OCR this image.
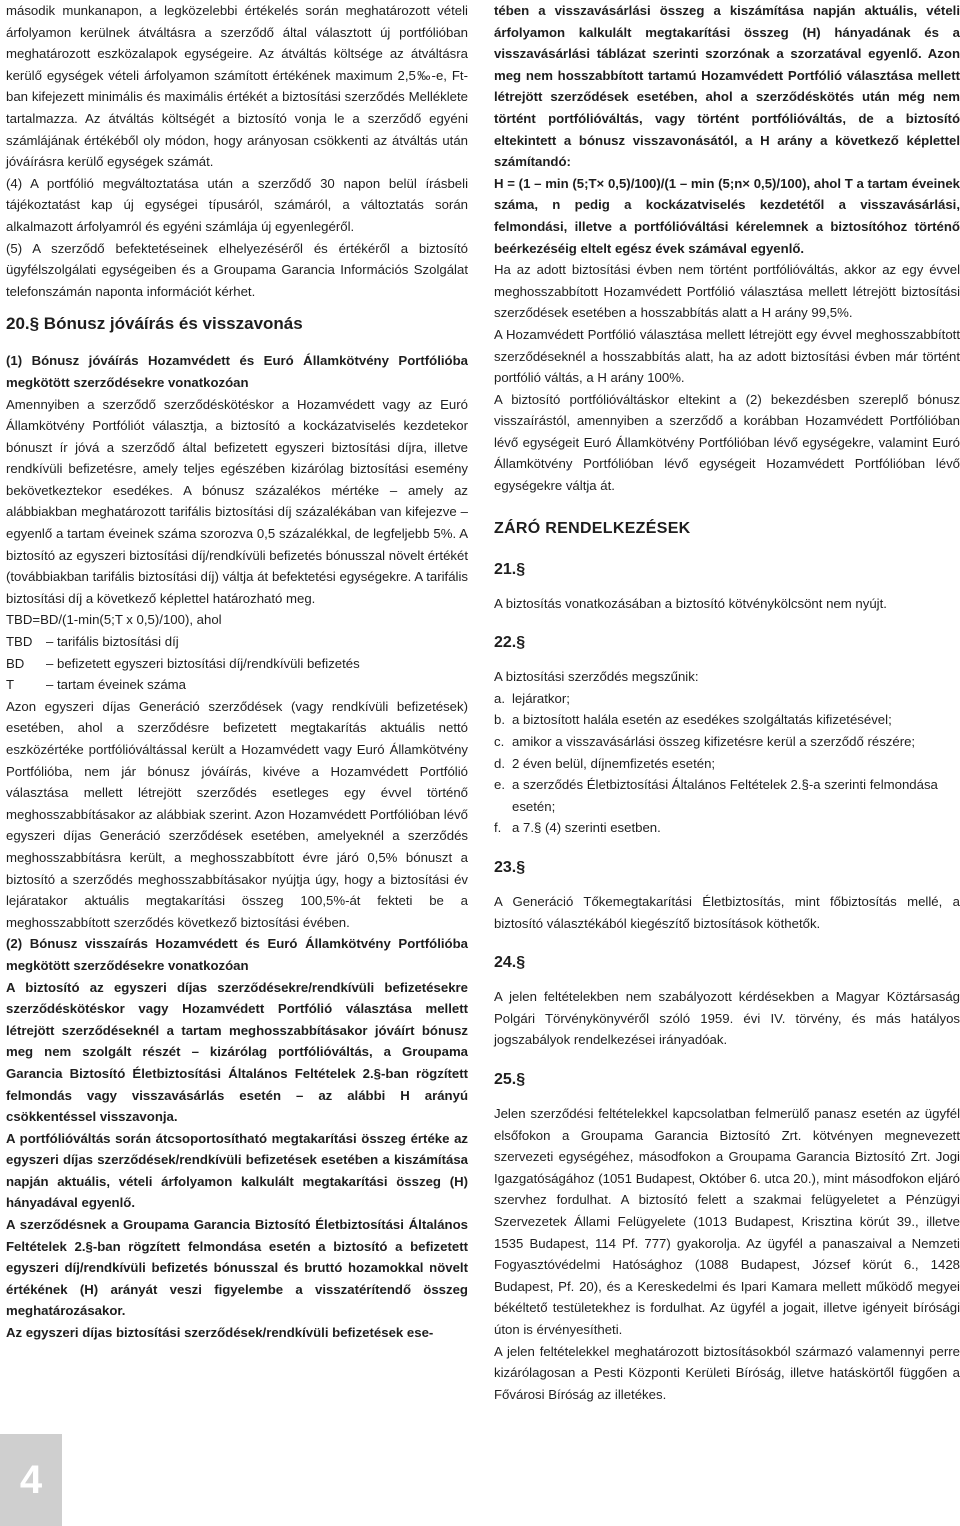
második munkanapon, a legközelebbi értékelés során meghatározott vételi árfolyamon kerülnek átváltásra a szerződő által választott új portfólióban meghatározott eszközalapok egységeire. Az átváltás költsége az átváltásra kerülő egységek vételi árfolyamon számított értékének maximum 2,5‰-e, Ft-ban kifejezett minimális és maximális értékét a biztosítási szerződés Melléklete tartalmazza. Az átváltás költségét a biztosító vonja le a szerződő egyéni számlájának értékéből oly módon, hogy arányosan csökkenti az átváltás után jóváírásra kerülő egységek számát.

(4) A portfólió megváltoztatása után a szerződő 30 napon belül írásbeli tájékoztatást kap új egységei típusáról, számáról, a változtatás során alkalmazott árfolyamról és egyéni számlája új egyenlegéről.

(5) A szerződő befektetéseinek elhelyezéséről és értékéről a biztosító ügyfélszolgálati egységeiben és a Groupama Garancia Információs Szolgálat telefonszámán naponta információt kérhet.

20.§ Bónusz jóváírás és visszavonás

(1) Bónusz jóváírás Hozamvédett és Euró Államkötvény Portfólióba megkötött szerződésekre vonatkozóan

Amennyiben a szerződő szerződéskötéskor a Hozamvédett vagy az Euró Államkötvény Portfóliót választja, a biztosító a kockázatviselés kezdetekor bónuszt ír jóvá a szerződő által befizetett egyszeri biztosítási díjra, illetve rendkívüli befizetésre, amely teljes egészében kizárólag biztosítási esemény bekövetkeztekor esedékes. A bónusz százalékos mértéke – amely az alábbiakban meghatározott tarifális biztosítási díj százalékában van kifejezve – egyenlő a tartam éveinek száma szorozva 0,5 százalékkal, de legfeljebb 5%. A biztosító az egyszeri biztosítási díj/rendkívüli befizetés bónusszal növelt értékét (továbbiakban tarifális biztosítási díj) váltja át befektetési egységekre. A tarifális biztosítási díj a következő képlettel határozható meg.

TBD=BD/(1-min(5;T x 0,5)/100), ahol

TBD	– tarifális biztosítási díj
BD	– befizetett egyszeri biztosítási díj/rendkívüli befizetés
T	– tartam éveinek száma

Azon egyszeri díjas Generáció szerződések (vagy rendkívüli befizetések) esetében, ahol a szerződésre befizetett megtakarítás aktuális nettó eszközértéke portfólióváltással került a Hozamvédett vagy Euró Államkötvény Portfólióba, nem jár bónusz jóváírás, kivéve a Hozamvédett Portfólió választása mellett létrejött szerződés esetleges egy évvel történő meghosszabbításakor az alábbiak szerint. Azon Hozamvédett Portfólióban lévő egyszeri díjas Generáció szerződések esetében, amelyeknél a szerződés meghosszabbításra került, a meghosszabbított évre járó 0,5% bónuszt a biztosító a szerződés meghosszabbításakor nyújtja úgy, hogy a biztosítási év lejáratakor aktuális megtakarítási összeg 100,5%-át fekteti be a meghosszabbított szerződés következő biztosítási évében.

(2) Bónusz visszaírás Hozamvédett és Euró Államkötvény Portfólióba megkötött szerződésekre vonatkozóan

A biztosító az egyszeri díjas szerződésekre/rendkívüli befizetésekre szerződéskötéskor vagy Hozamvédett Portfólió választása mellett létrejött szerződéseknél a tartam meghosszabbításakor jóváírt bónusz meg nem szolgált részét – kizárólag portfólióváltás, a Groupama Garancia Biztosító Életbiztosítási Általános Feltételek 2.§-ban rögzített felmondás vagy visszavásárlás esetén – az alábbi H arányú csökkentéssel visszavonja.

A portfólióváltás során átcsoportosítható megtakarítási összeg értéke az egyszeri díjas szerződések/rendkívüli befizetések esetében a kiszámítása napján aktuális, vételi árfolyamon kalkulált megtakarítási összeg (H) hányadával egyenlő.

A szerződésnek a Groupama Garancia Biztosító Életbiztosítási Általános Feltételek 2.§-ban rögzített felmondása esetén a biztosító a befizetett egyszeri díj/rendkívüli befizetés bónusszal és bruttó hozamokkal növelt értékének (H) arányát veszi figyelembe a visszatérítendő összeg meghatározásakor.

Az egyszeri díjas biztosítási szerződések/rendkívüli befizetések ese-

tében a visszavásárlási összeg a kiszámítása napján aktuális, vételi árfolyamon kalkulált megtakarítási összeg (H) hányadának és a visszavásárlási táblázat szerinti szorzónak a szorzatával egyenlő. Azon meg nem hosszabbított tartamú Hozamvédett Portfólió választása mellett létrejött szerződések esetében, ahol a szerződéskötés után még nem történt portfólióváltás, vagy történt portfólióváltás, de a biztosító eltekintett a bónusz visszavonásától, a H arány a következő képlettel számítandó:

H = (1 – min (5;T× 0,5)/100)/(1 – min (5;n× 0,5)/100), ahol T a tartam éveinek száma, n pedig a kockázatviselés kezdetétől a visszavásárlási, felmondási, illetve a portfólióváltási kérelemnek a biztosítóhoz történő beérkezéséig eltelt egész évek számával egyenlő.

Ha az adott biztosítási évben nem történt portfólióváltás, akkor az egy évvel meghosszabbított Hozamvédett Portfólió választása mellett létrejött biztosítási szerződések esetében a hosszabbítás alatt a H arány 99,5%.

A Hozamvédett Portfólió választása mellett létrejött egy évvel meghosszabbított szerződéseknél a hosszabbítás alatt, ha az adott biztosítási évben már történt portfólió váltás, a H arány 100%.

A biztosító portfólióváltáskor eltekint a (2) bekezdésben szereplő bónusz visszaírástól, amennyiben a szerződő a korábban Hozamvédett Portfólióban lévő egységeit Euró Államkötvény Portfólióban lévő egységekre, valamint Euró Államkötvény Portfólióban lévő egységeit Hozamvédett Portfólióban lévő egységekre váltja át.

ZÁRÓ RENDELKEZÉSEK
21.§

A biztosítás vonatkozásában a biztosító kötvénykölcsönt nem nyújt.

22.§

A biztosítási szerződés megszűnik:

a. lejáratkor;
b. a biztosított halála esetén az esedékes szolgáltatás kifizetésével;
c. amikor a visszavásárlási összeg kifizetésre kerül a szerződő részére;
d. 2 éven belül, díjnemfizetés esetén;
e. a szerződés Életbiztosítási Általános Feltételek 2.§-a szerinti felmondása esetén;
f. a 7.§ (4) szerinti esetben.
23.§

A Generáció Tőkemegtakarítási Életbiztosítás, mint főbiztosítás mellé, a biztosító választékából kiegészítő biztosítások köthetők.

24.§

A jelen feltételekben nem szabályozott kérdésekben a Magyar Köztársaság Polgári Törvénykönyvéről szóló 1959. évi IV. törvény, és más hatályos jogszabályok rendelkezései irányadóak.

25.§

Jelen szerződési feltételekkel kapcsolatban felmerülő panasz esetén az ügyfél elsőfokon a Groupama Garancia Biztosító Zrt. kötvényen megnevezett szervezeti egységéhez, másodfokon a Groupama Garancia Biztosító Zrt. Jogi Igazgatóságához (1051 Budapest, Október 6. utca 20.), mint másodfokon eljáró szervhez fordulhat. A biztosító felett a szakmai felügyeletet a Pénzügyi Szervezetek Állami Felügyelete (1013 Budapest, Krisztina körút 39., illetve 1535 Budapest, 114 Pf. 777) gyakorolja. Az ügyfél a panaszaival a Nemzeti Fogyasztóvédelmi Hatósághoz (1088 Budapest, József körút 6., 1428 Budapest, Pf. 20), és a Kereskedelmi és Ipari Kamara mellett működő megyei békéltető testületekhez is fordulhat. Az ügyfél a jogait, illetve igényeit bírósági úton is érvényesítheti.

A jelen feltételekkel meghatározott biztosításokból származó valamennyi perre kizárólagosan a Pesti Központi Kerületi Bíróság, illetve hatáskörtől függően a Fővárosi Bíróság az illetékes.

4
